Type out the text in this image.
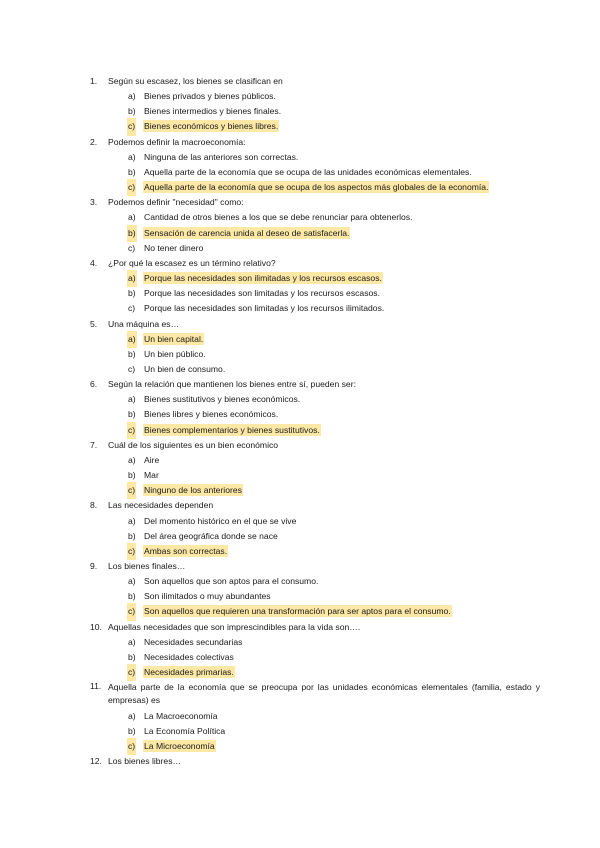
1.	Según su escasez, los bienes se clasifican en
a) Bienes privados y bienes públicos.
b) Bienes intermedios y bienes finales.
c) Bienes económicos y bienes libres.
2.	Podemos definir la macroeconomía:
a) Ninguna de las anteriores son correctas.
b) Aquella parte de la economía que se ocupa de las unidades económicas elementales.
c) Aquella parte de la economía que se ocupa de los aspectos más globales de la economía.
3.	Podemos definir "necesidad" como:
a) Cantidad de otros bienes a los que se debe renunciar para obtenerlos.
b) Sensación de carencia unida al deseo de satisfacerla.
c) No tener dinero
4.	¿Por qué la escasez es un término relativo?
a) Porque las necesidades son ilimitadas y los recursos escasos.
b) Porque las necesidades son limitadas y los recursos escasos.
c) Porque las necesidades son limitadas y los recursos ilimitados.
5.	Una máquina es…
a) Un bien capital.
b) Un bien público.
c) Un bien de consumo.
6.	Según la relación que mantienen los bienes entre sí, pueden ser:
a) Bienes sustitutivos y bienes económicos.
b) Bienes libres y bienes económicos.
c) Bienes complementarios y bienes sustitutivos.
7.	Cuál de los siguientes es un bien económico
a) Aire
b) Mar
c) Ninguno de los anteriores
8.	Las necesidades dependen
a) Del momento histórico en el que se vive
b) Del área geográfica donde se nace
c) Ambas son correctas.
9.	Los bienes finales…
a) Son aquellos que son aptos para el consumo.
b) Son ilimitados o muy abundantes
c) Son aquellos que requieren una transformación para ser aptos para el consumo.
10. Aquellas necesidades que son imprescindibles para la vida son….
a) Necesidades secundarias
b) Necesidades colectivas
c) Necesidades primarias.
11. Aquella parte de la economía que se preocupa por las unidades económicas elementales (familia, estado y empresas) es
a) La Macroeconomía
b) La Economía Política
c) La Microeconomía
12. Los bienes libres…
